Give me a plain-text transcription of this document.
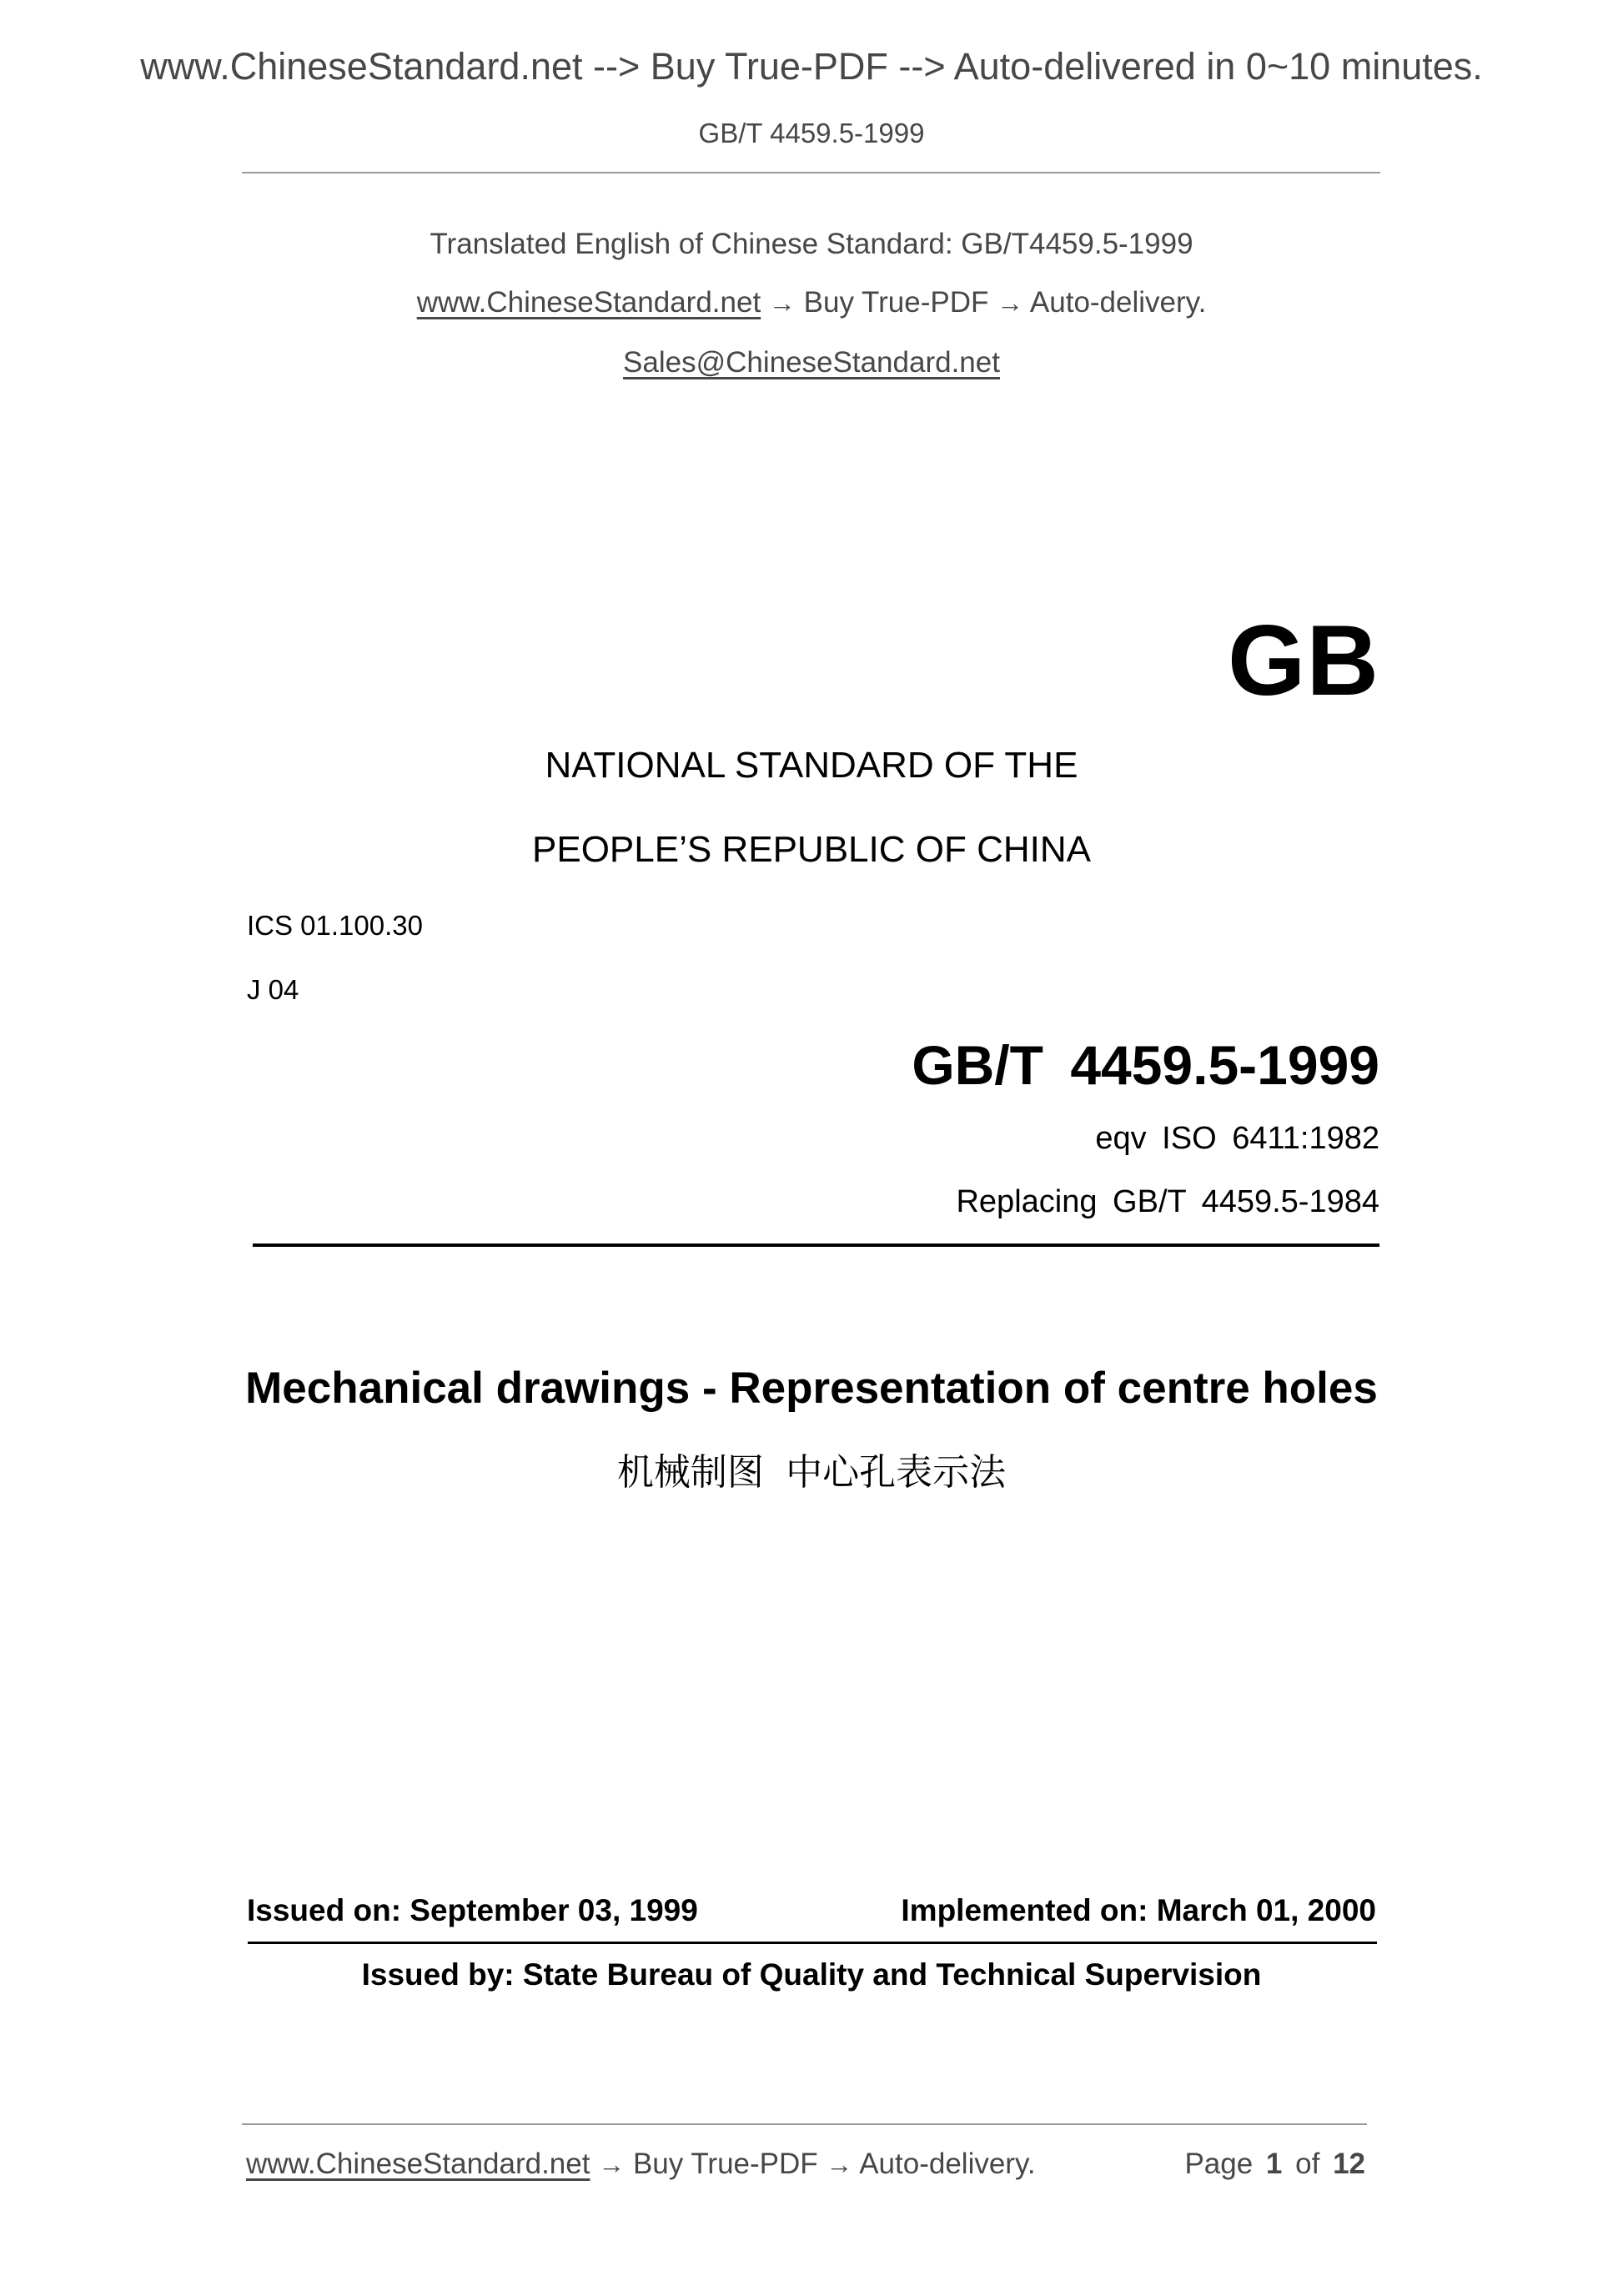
www.ChineseStandard.net --> Buy True-PDF --> Auto-delivered in 0~10 minutes.
GB/T 4459.5-1999
Translated English of Chinese Standard: GB/T4459.5-1999
www.ChineseStandard.net → Buy True-PDF → Auto-delivery.
Sales@ChineseStandard.net
GB
NATIONAL STANDARD OF THE
PEOPLE’S REPUBLIC OF CHINA
ICS 01.100.30
J 04
GB/T 4459.5-1999
eqv ISO 6411:1982
Replacing GB/T 4459.5-1984
Mechanical drawings - Representation of centre holes
机械制图 中心孔表示法
Issued on: September 03, 1999	Implemented on: March 01, 2000
Issued by: State Bureau of Quality and Technical Supervision
www.ChineseStandard.net → Buy True-PDF → Auto-delivery.	Page 1 of 12
